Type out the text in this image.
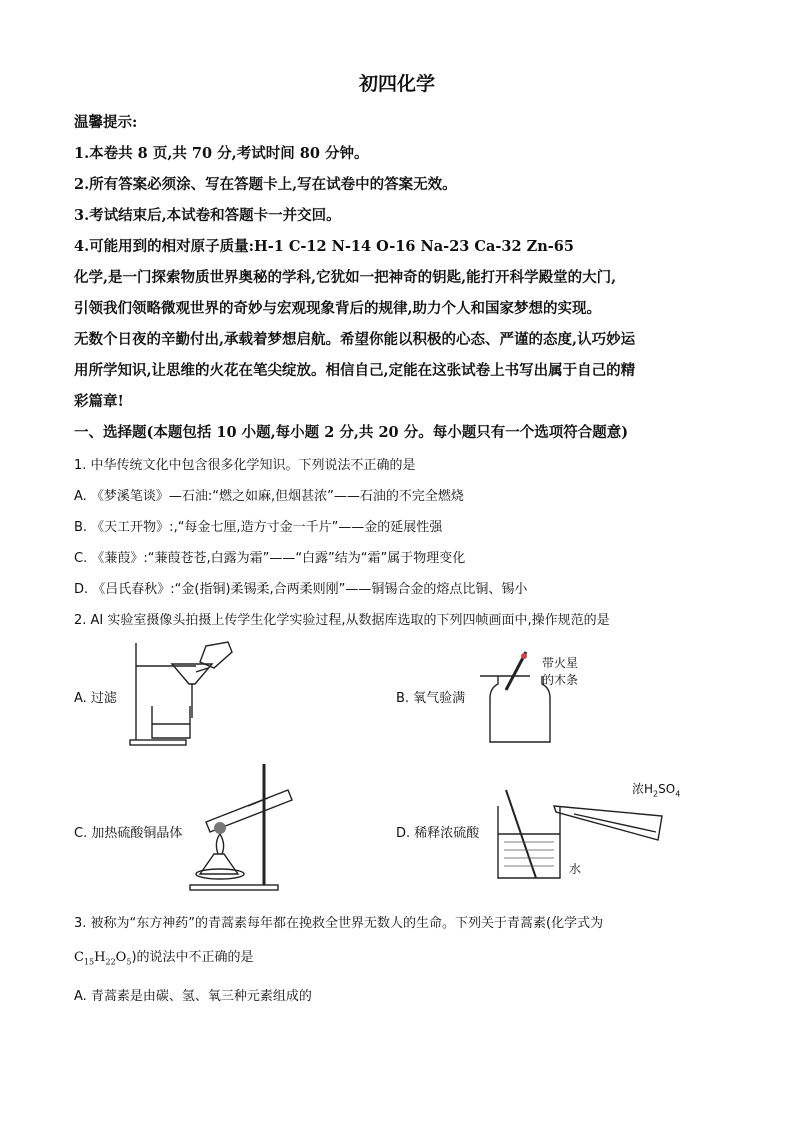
初四化学
温馨提示:
1.本卷共 8 页,共 70 分,考试时间 80 分钟。
2.所有答案必须涂、写在答题卡上,写在试卷中的答案无效。
3.考试结束后,本试卷和答题卡一并交回。
4.可能用到的相对原子质量:H-1 C-12 N-14 O-16 Na-23 Ca-32 Zn-65
化学,是一门探索物质世界奥秘的学科,它犹如一把神奇的钥匙,能打开科学殿堂的大门,
引领我们领略微观世界的奇妙与宏观现象背后的规律,助力个人和国家梦想的实现。
无数个日夜的辛勤付出,承载着梦想启航。希望你能以积极的心态、严谨的态度,认巧妙运
用所学知识,让思维的火花在笔尖绽放。相信自己,定能在这张试卷上书写出属于自己的精
彩篇章!
一、选择题(本题包括 10 小题,每小题 2 分,共 20 分。每小题只有一个选项符合题意)
1. 中华传统文化中包含很多化学知识。下列说法不正确的是
A. 《梦溪笔谈》—石油:“燃之如麻,但烟甚浓”——石油的不完全燃烧
B. 《天工开物》:,“每金七厘,造方寸金一千片”——金的延展性强
C. 《蒹葭》:“蒹葭苍苍,白露为霜”——“白露”结为“霜”属于物理变化
D. 《吕氏春秋》:“金(指铜)柔锡柔,合两柔则刚”——铜锡合金的熔点比铜、锡小
2. AI 实验室摄像头拍摄上传学生化学实验过程,从数据库选取的下列四帧画面中,操作规范的是
A. 过滤	B. 氧气验满
C. 加热硫酸铜晶体	D. 稀释浓硫酸
带火星
的木条
浓$H_2SO_4$
水
3. 被称为“东方神药”的青蒿素每年都在挽救全世界无数人的生命。下列关于青蒿素(化学式为
$C_{15}H_{22}O_5$)的说法中不正确的是
A. 青蒿素是由碳、氢、氧三种元素组成的
